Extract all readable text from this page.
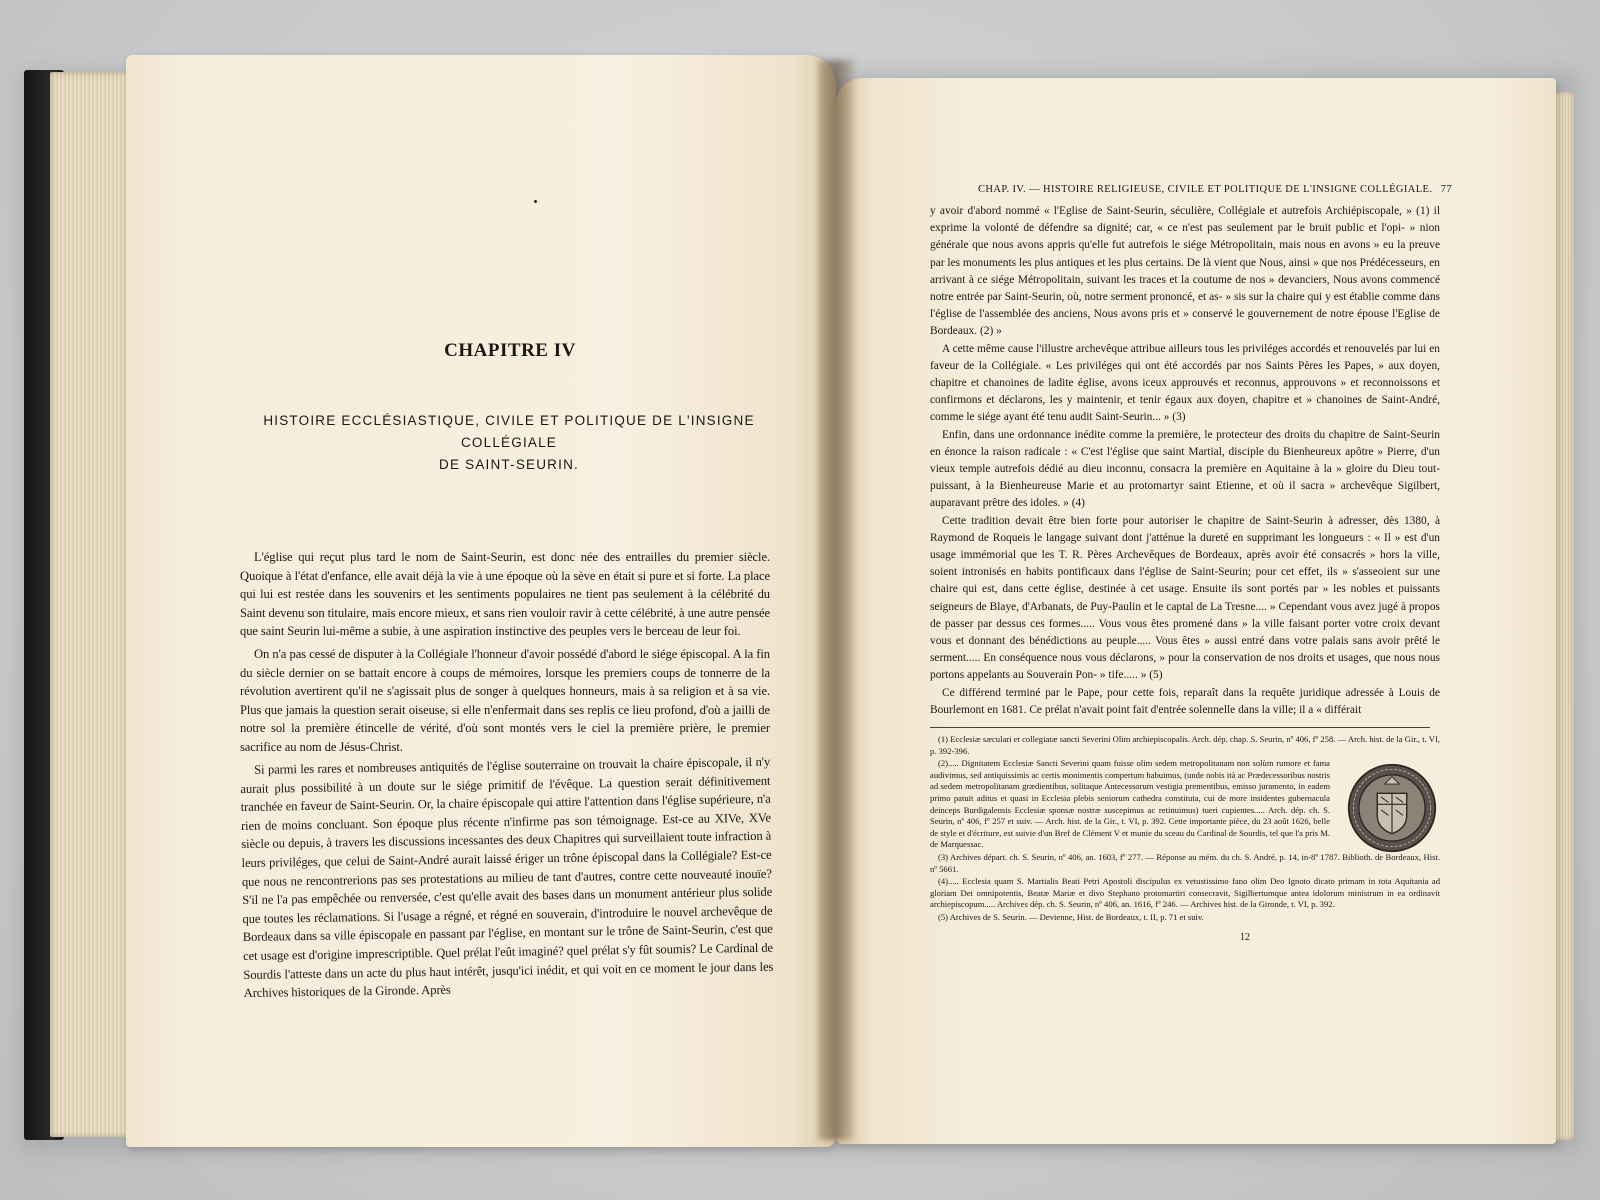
CHAPITRE IV
HISTOIRE ECCLÉSIASTIQUE, CIVILE ET POLITIQUE DE L'INSIGNE COLLÉGIALE
DE SAINT-SEURIN.

L'église qui reçut plus tard le nom de Saint-Seurin, est donc née des entrailles du premier siècle. Quoique à l'état d'enfance, elle avait déjà la vie à une époque où la sève en était si pure et si forte. La place qui lui est restée dans les souvenirs et les sentiments populaires ne tient pas seulement à la célébrité du Saint devenu son titulaire, mais encore mieux, et sans rien vouloir ravir à cette célébrité, à une autre pensée que saint Seurin lui-même a subie, à une aspiration instinctive des peuples vers le berceau de leur foi.

On n'a pas cessé de disputer à la Collégiale l'honneur d'avoir possédé d'abord le siége épiscopal. A la fin du siècle dernier on se battait encore à coups de mémoires, lorsque les premiers coups de tonnerre de la révolution avertirent qu'il ne s'agissait plus de songer à quelques honneurs, mais à sa religion et à sa vie. Plus que jamais la question serait oiseuse, si elle n'enfermait dans ses replis ce lieu profond, d'où a jailli de notre sol la première étincelle de vérité, d'où sont montés vers le ciel la première prière, le premier sacrifice au nom de Jésus-Christ.

Si parmi les rares et nombreuses antiquités de l'église souterraine on trouvait la chaire épiscopale, il n'y aurait plus possibilité à un doute sur le siége primitif de l'évêque. La question serait définitivement tranchée en faveur de Saint-Seurin. Or, la chaire épiscopale qui attire l'attention dans l'église supérieure, n'a rien de moins concluant. Son époque plus récente n'infirme pas son témoignage. Est-ce au XIVe, XVe siècle ou depuis, à travers les discussions incessantes des deux Chapitres qui surveillaient toute infraction à leurs priviléges, que celui de Saint-André aurait laissé ériger un trône épiscopal dans la Collégiale? Est-ce que nous ne rencontrerions pas ses protestations au milieu de tant d'autres, contre cette nouveauté inouïe? S'il ne l'a pas empêchée ou renversée, c'est qu'elle avait des bases dans un monument antérieur plus solide que toutes les réclamations. Si l'usage a régné, et régné en souverain, d'introduire le nouvel archevêque de Bordeaux dans sa ville épiscopale en passant par l'église, en montant sur le trône de Saint-Seurin, c'est que cet usage est d'origine imprescriptible. Quel prélat l'eût imaginé? quel prélat s'y fût soumis? Le Cardinal de Sourdis l'atteste dans un acte du plus haut intérêt, jusqu'ici inédit, et qui voit en ce moment le jour dans les Archives historiques de la Gironde. Après

CHAP. IV. — HISTOIRE RELIGIEUSE, CIVILE ET POLITIQUE DE L'INSIGNE COLLÉGIALE. 77

y avoir d'abord nommé « l'Eglise de Saint-Seurin, séculière, Collégiale et autrefois Archiépiscopale, » (1) il exprime la volonté de défendre sa dignité; car, « ce n'est pas seulement par le bruit public et l'opi- » nion générale que nous avons appris qu'elle fut autrefois le siége Métropolitain, mais nous en avons » eu la preuve par les monuments les plus antiques et les plus certains. De là vient que Nous, ainsi » que nos Prédécesseurs, en arrivant à ce siége Métropolitain, suivant les traces et la coutume de nos » devanciers, Nous avons commencé notre entrée par Saint-Seurin, où, notre serment prononcé, et as- » sis sur la chaire qui y est établie comme dans l'église de l'assemblée des anciens, Nous avons pris et » conservé le gouvernement de notre épouse l'Eglise de Bordeaux. (2) »

A cette même cause l'illustre archevêque attribue ailleurs tous les priviléges accordés et renouvelés par lui en faveur de la Collégiale. « Les priviléges qui ont été accordés par nos Saints Pères les Papes, » aux doyen, chapitre et chanoines de ladite église, avons iceux approuvés et reconnus, approuvons » et reconnoissons et confirmons et déclarons, les y maintenir, et tenir égaux aux doyen, chapitre et » chanoines de Saint-André, comme le siége ayant été tenu audit Saint-Seurin... » (3)

Enfin, dans une ordonnance inédite comme la première, le protecteur des droits du chapitre de Saint-Seurin en énonce la raison radicale : « C'est l'église que saint Martial, disciple du Bienheureux apôtre » Pierre, d'un vieux temple autrefois dédié au dieu inconnu, consacra la première en Aquitaine à la » gloire du Dieu tout-puissant, à la Bienheureuse Marie et au protomartyr saint Etienne, et où il sacra » archevêque Sigilbert, auparavant prêtre des idoles. » (4)

Cette tradition devait être bien forte pour autoriser le chapitre de Saint-Seurin à adresser, dès 1380, à Raymond de Roqueis le langage suivant dont j'atténue la dureté en supprimant les longueurs : « Il » est d'un usage immémorial que les T. R. Pères Archevêques de Bordeaux, après avoir été consacrés » hors la ville, soient intronisés en habits pontificaux dans l'église de Saint-Seurin; pour cet effet, ils » s'asseoient sur une chaire qui est, dans cette église, destinée à cet usage. Ensuite ils sont portés par » les nobles et puissants seigneurs de Blaye, d'Arbanats, de Puy-Paulin et le captal de La Tresne.... » Cependant vous avez jugé à propos de passer par dessus ces formes..... Vous vous êtes promené dans » la ville faisant porter votre croix devant vous et donnant des bénédictions au peuple..... Vous êtes » aussi entré dans votre palais sans avoir prêté le serment..... En conséquence nous vous déclarons, » pour la conservation de nos droits et usages, que nous nous portons appelants au Souverain Pon- » tife..... » (5)

Ce différend terminé par le Pape, pour cette fois, reparaît dans la requête juridique adressée à Louis de Bourlemont en 1681. Ce prélat n'avait point fait d'entrée solennelle dans la ville; il a « différait

(1) Ecclesiæ sæculari et collegiatæ sancti Severini Olim archiepiscopalis. Arch. dép. chap. S. Seurin, nº 406, fº 258. — Arch. hist. de la Gir., t. VI, p. 392-396.
(2)..... Dignitatem Ecclesiæ Sancti Severini quam fuisse olim sedem metropolitanam non solùm rumore et fama audivimus, sed antiquissimis ac certis monimentis compertum habuimus, (unde nobis ità ac Prædecessoribus nostris ad sedem metropolitanam grædientibus, solitaque Antecessorum vestigia prementibus, emisso juramento, in eadem primo patuit aditus et quasi in Ecclesia plebis seniorum cathedra constituta, cui de more insidentes gubernacula deinceps Burdigalensis Ecclesiæ sponsæ nostræ suscepimus ac retinuimus) tueri cupientes..... Arch. dép. ch. S. Seurin, nº 406, fº 257 et suiv. — Arch. hist. de la Gir., t. VI, p. 392. Cette importante pièce, du 23 août 1626, belle de style et d'écriture, est suivie d'un Bref de Clément V et munie du sceau du Cardinal de Sourdis, tel que l'a pris M. de Marquessac.
(3) Archives départ. ch. S. Seurin, nº 406, an. 1603, fº 277. — Réponse au mém. du ch. S. André, p. 14, in-8º 1787. Biblioth. de Bordeaux, Hist. nº 5661.
(4)..... Ecclesia quam S. Martialis Beati Petri Apostoli discipulus ex vetustissimo fano olim Deo Ignoto dicato primam in tota Aquitania ad gloriam Dei omnipotentis, Beatæ Mariæ et divo Stephano protomartiri consecravit, Sigilbertumque antea idolorum ministrum in ea ordinavit archiepiscopum..... Archives dép. ch. S. Seurin, nº 406, an. 1616, fº 246. — Archives hist. de la Gironde, t. VI, p. 392.
(5) Archives de S. Seurin. — Devienne, Hist. de Bordeaux, t. II, p. 71 et suiv.
12
